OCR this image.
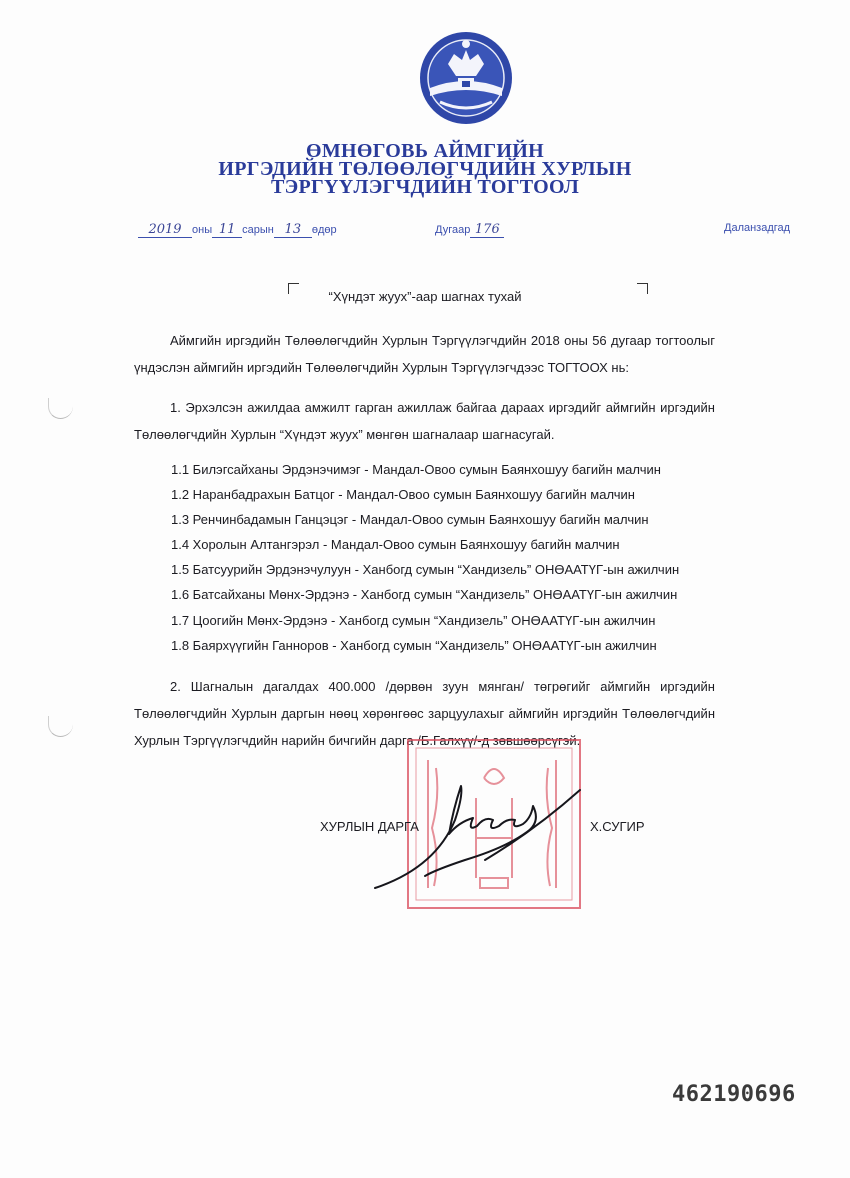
ӨМНӨГОВЬ АЙМГИЙН
ИРГЭДИЙН ТӨЛӨӨЛӨГЧДИЙН ХУРЛЫН
ТЭРГҮҮЛЭГЧДИЙН ТОГТООЛ
2019 оны 11 сарын 13 өдөр	Дугаар 176	Даланзадгад
“Хүндэт жуух”-аар шагнах тухай
Аймгийн иргэдийн Төлөөлөгчдийн Хурлын Тэргүүлэгчдийн 2018 оны 56 дугаар тогтоолыг үндэслэн аймгийн иргэдийн Төлөөлөгчдийн Хурлын Тэргүүлэгчдээс ТОГТООХ нь:
1. Эрхэлсэн ажилдаа амжилт гарган ажиллаж байгаа дараах иргэдийг аймгийн иргэдийн Төлөөлөгчдийн Хурлын “Хүндэт жуух” мөнгөн шагналаар шагнасугай.
1.1 Билэгсайханы Эрдэнэчимэг - Мандал-Овоо сумын Баянхошуу багийн малчин
1.2 Наранбадрахын Батцог - Мандал-Овоо сумын Баянхошуу багийн малчин
1.3 Ренчинбадамын Ганцэцэг - Мандал-Овоо сумын Баянхошуу багийн малчин
1.4 Хоролын Алтангэрэл - Мандал-Овоо сумын Баянхошуу багийн малчин
1.5 Батсуурийн Эрдэнэчулуун - Ханбогд сумын “Хандизель” ОНӨААТҮГ-ын ажилчин
1.6 Батсайханы Мөнх-Эрдэнэ - Ханбогд сумын “Хандизель” ОНӨААТҮГ-ын ажилчин
1.7 Цоогийн Мөнх-Эрдэнэ - Ханбогд сумын “Хандизель” ОНӨААТҮГ-ын ажилчин
1.8 Баярхүүгийн Ганноров - Ханбогд сумын “Хандизель” ОНӨААТҮГ-ын ажилчин
2. Шагналын дагалдах 400.000 /дөрвөн зуун мянган/ төгрөгийг аймгийн иргэдийн Төлөөлөгчдийн Хурлын даргын нөөц хөрөнгөөс зарцуулахыг аймгийн иргэдийн Төлөөлөгчдийн Хурлын Тэргүүлэгчдийн нарийн бичгийн дарга /Б.Галхүү/-д зөвшөөрсүгэй.
ХУРЛЫН ДАРГА	Х.СУГИР
462190696
